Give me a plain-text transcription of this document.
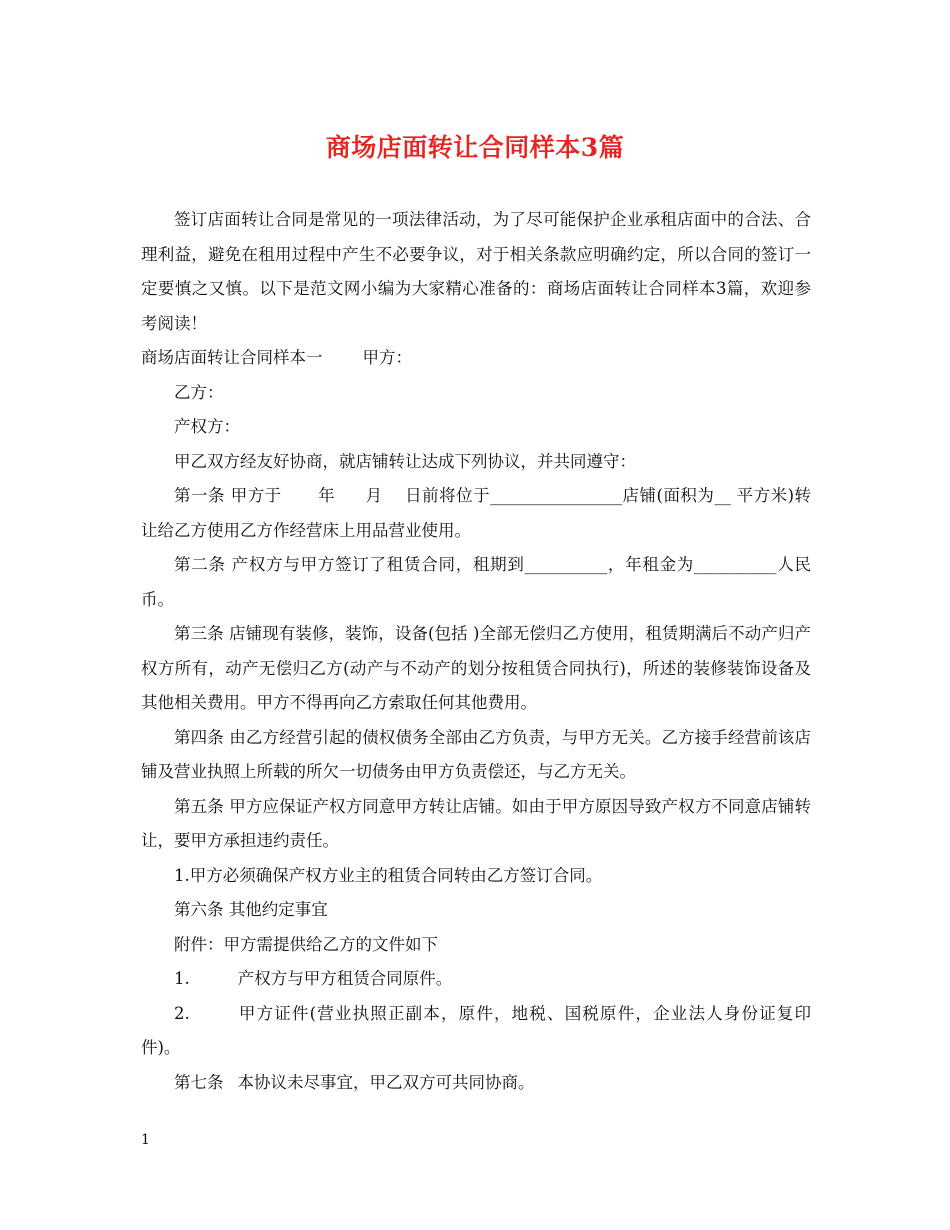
商场店面转让合同样本3篇

签订店面转让合同是常见的一项法律活动，为了尽可能保护企业承租店面中的合法、合理利益，避免在租用过程中产生不必要争议，对于相关条款应明确约定，所以合同的签订一定要慎之又慎。以下是范文网小编为大家精心准备的：商场店面转让合同样本3篇，欢迎参考阅读！

商场店面转让合同样本一 甲方：

乙方：

产权方：

甲乙双方经友好协商，就店铺转让达成下列协议，并共同遵守：

第一条 甲方于 年 月 日前将位于________________店铺(面积为__ 平方米)转让给乙方使用乙方作经营床上用品营业使用。

第二条 产权方与甲方签订了租赁合同，租期到__________，年租金为__________人民币。

第三条 店铺现有装修，装饰，设备(包括 )全部无偿归乙方使用，租赁期满后不动产归产权方所有，动产无偿归乙方(动产与不动产的划分按租赁合同执行)，所述的装修装饰设备及其他相关费用。甲方不得再向乙方索取任何其他费用。

第四条 由乙方经营引起的债权债务全部由乙方负责，与甲方无关。乙方接手经营前该店铺及营业执照上所载的所欠一切债务由甲方负责偿还，与乙方无关。

第五条 甲方应保证产权方同意甲方转让店铺。如由于甲方原因导致产权方不同意店铺转让，要甲方承担违约责任。

1.甲方必须确保产权方业主的租赁合同转由乙方签订合同。

第六条 其他约定事宜

附件：甲方需提供给乙方的文件如下

1.	产权方与甲方租赁合同原件。

2.	甲方证件(营业执照正副本，原件，地税、国税原件，企业法人身份证复印件)。

第七条 本协议未尽事宜，甲乙双方可共同协商。

1
